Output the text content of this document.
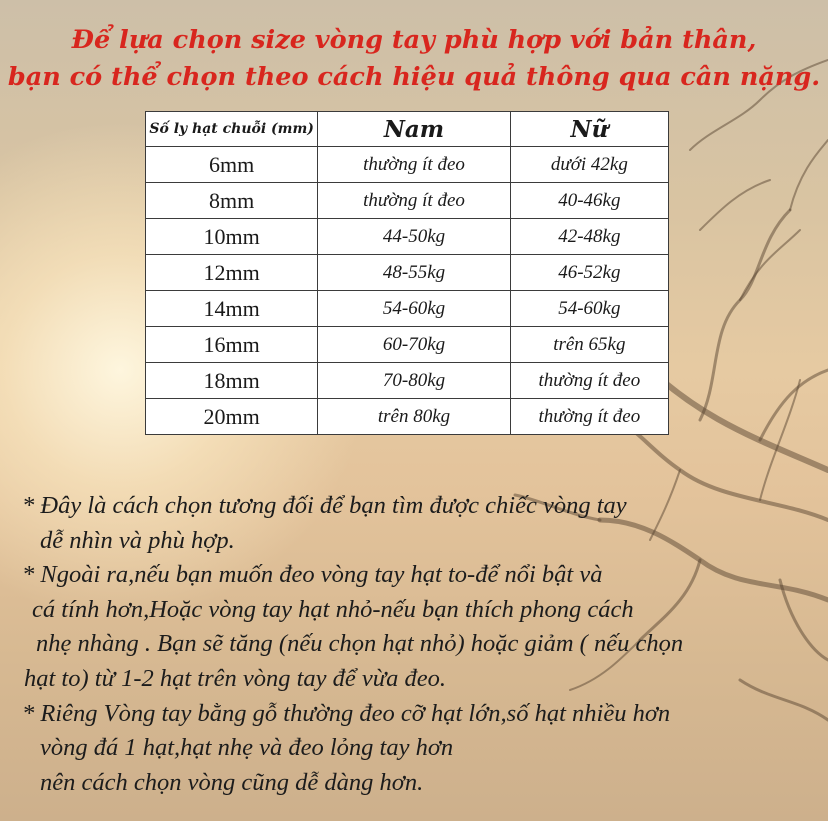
Để lựa chọn size vòng tay phù hợp với bản thân,
bạn có thể chọn theo cách hiệu quả thông qua cân nặng.
Số ly hạt chuỗi (mm)	Nam	Nữ
6mm	thường ít đeo	dưới 42kg
8mm	thường ít đeo	40-46kg
10mm	44-50kg	42-48kg
12mm	48-55kg	46-52kg
14mm	54-60kg	54-60kg
16mm	60-70kg	trên 65kg
18mm	70-80kg	thường ít đeo
20mm	trên 80kg	thường ít đeo
* Đây là cách chọn tương đối để bạn tìm được chiếc vòng tay
dễ nhìn và phù hợp.
* Ngoài ra,nếu bạn muốn đeo vòng tay hạt to-để nổi bật và
cá tính hơn,Hoặc vòng tay hạt nhỏ-nếu bạn thích phong cách
nhẹ nhàng . Bạn sẽ tăng (nếu chọn hạt nhỏ) hoặc giảm ( nếu chọn
hạt to) từ 1-2 hạt trên vòng tay để vừa đeo.
* Riêng Vòng tay bằng gỗ thường đeo cỡ hạt lớn,số hạt nhiều hơn
vòng đá 1 hạt,hạt nhẹ và đeo lỏng tay hơn
nên cách chọn vòng cũng dễ dàng hơn.
